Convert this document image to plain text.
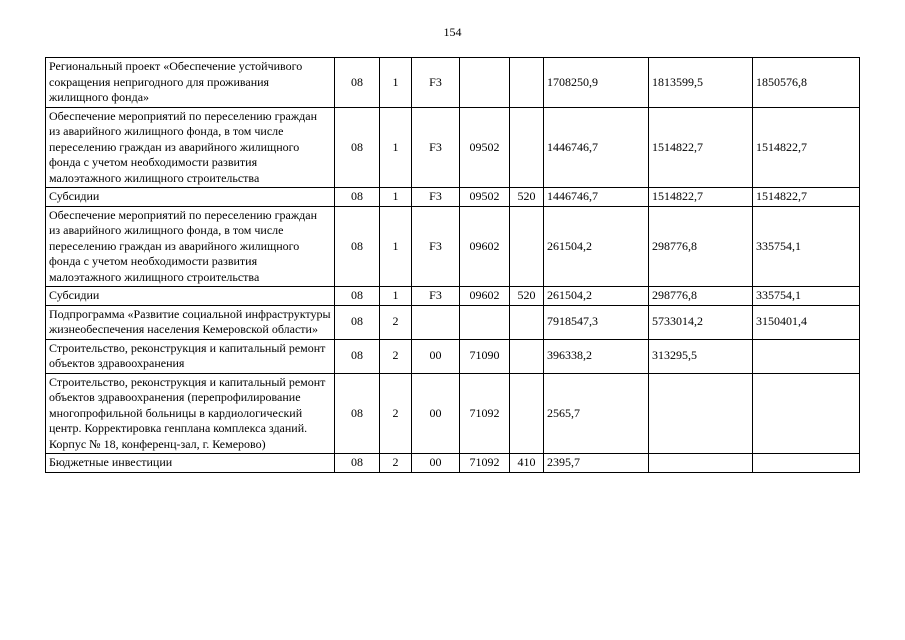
154
Региональный проект «Обеспечение устойчивого сокращения непригодного для проживания жилищного фонда»	08	1	F3			1708250,9	1813599,5	1850576,8
Обеспечение мероприятий по переселению граждан из аварийного жилищного фонда, в том числе переселению граждан из аварийного жилищного фонда с учетом необходимости развития малоэтажного жилищного строительства	08	1	F3	09502		1446746,7	1514822,7	1514822,7
Субсидии	08	1	F3	09502	520	1446746,7	1514822,7	1514822,7
Обеспечение мероприятий по переселению граждан из аварийного жилищного фонда, в том числе переселению граждан из аварийного жилищного фонда с учетом необходимости развития малоэтажного жилищного строительства	08	1	F3	09602		261504,2	298776,8	335754,1
Субсидии	08	1	F3	09602	520	261504,2	298776,8	335754,1
Подпрограмма «Развитие социальной инфраструктуры жизнеобеспечения населения Кемеровской области»	08	2				7918547,3	5733014,2	3150401,4
Строительство, реконструкция и капитальный ремонт объектов здравоохранения	08	2	00	71090		396338,2	313295,5	
Строительство, реконструкция и капитальный ремонт объектов здравоохранения (перепрофилирование многопрофильной больницы в кардиологический центр. Корректировка генплана комплекса зданий. Корпус № 18, конференц-зал, г. Кемерово)	08	2	00	71092		2565,7		
Бюджетные инвестиции	08	2	00	71092	410	2395,7		
